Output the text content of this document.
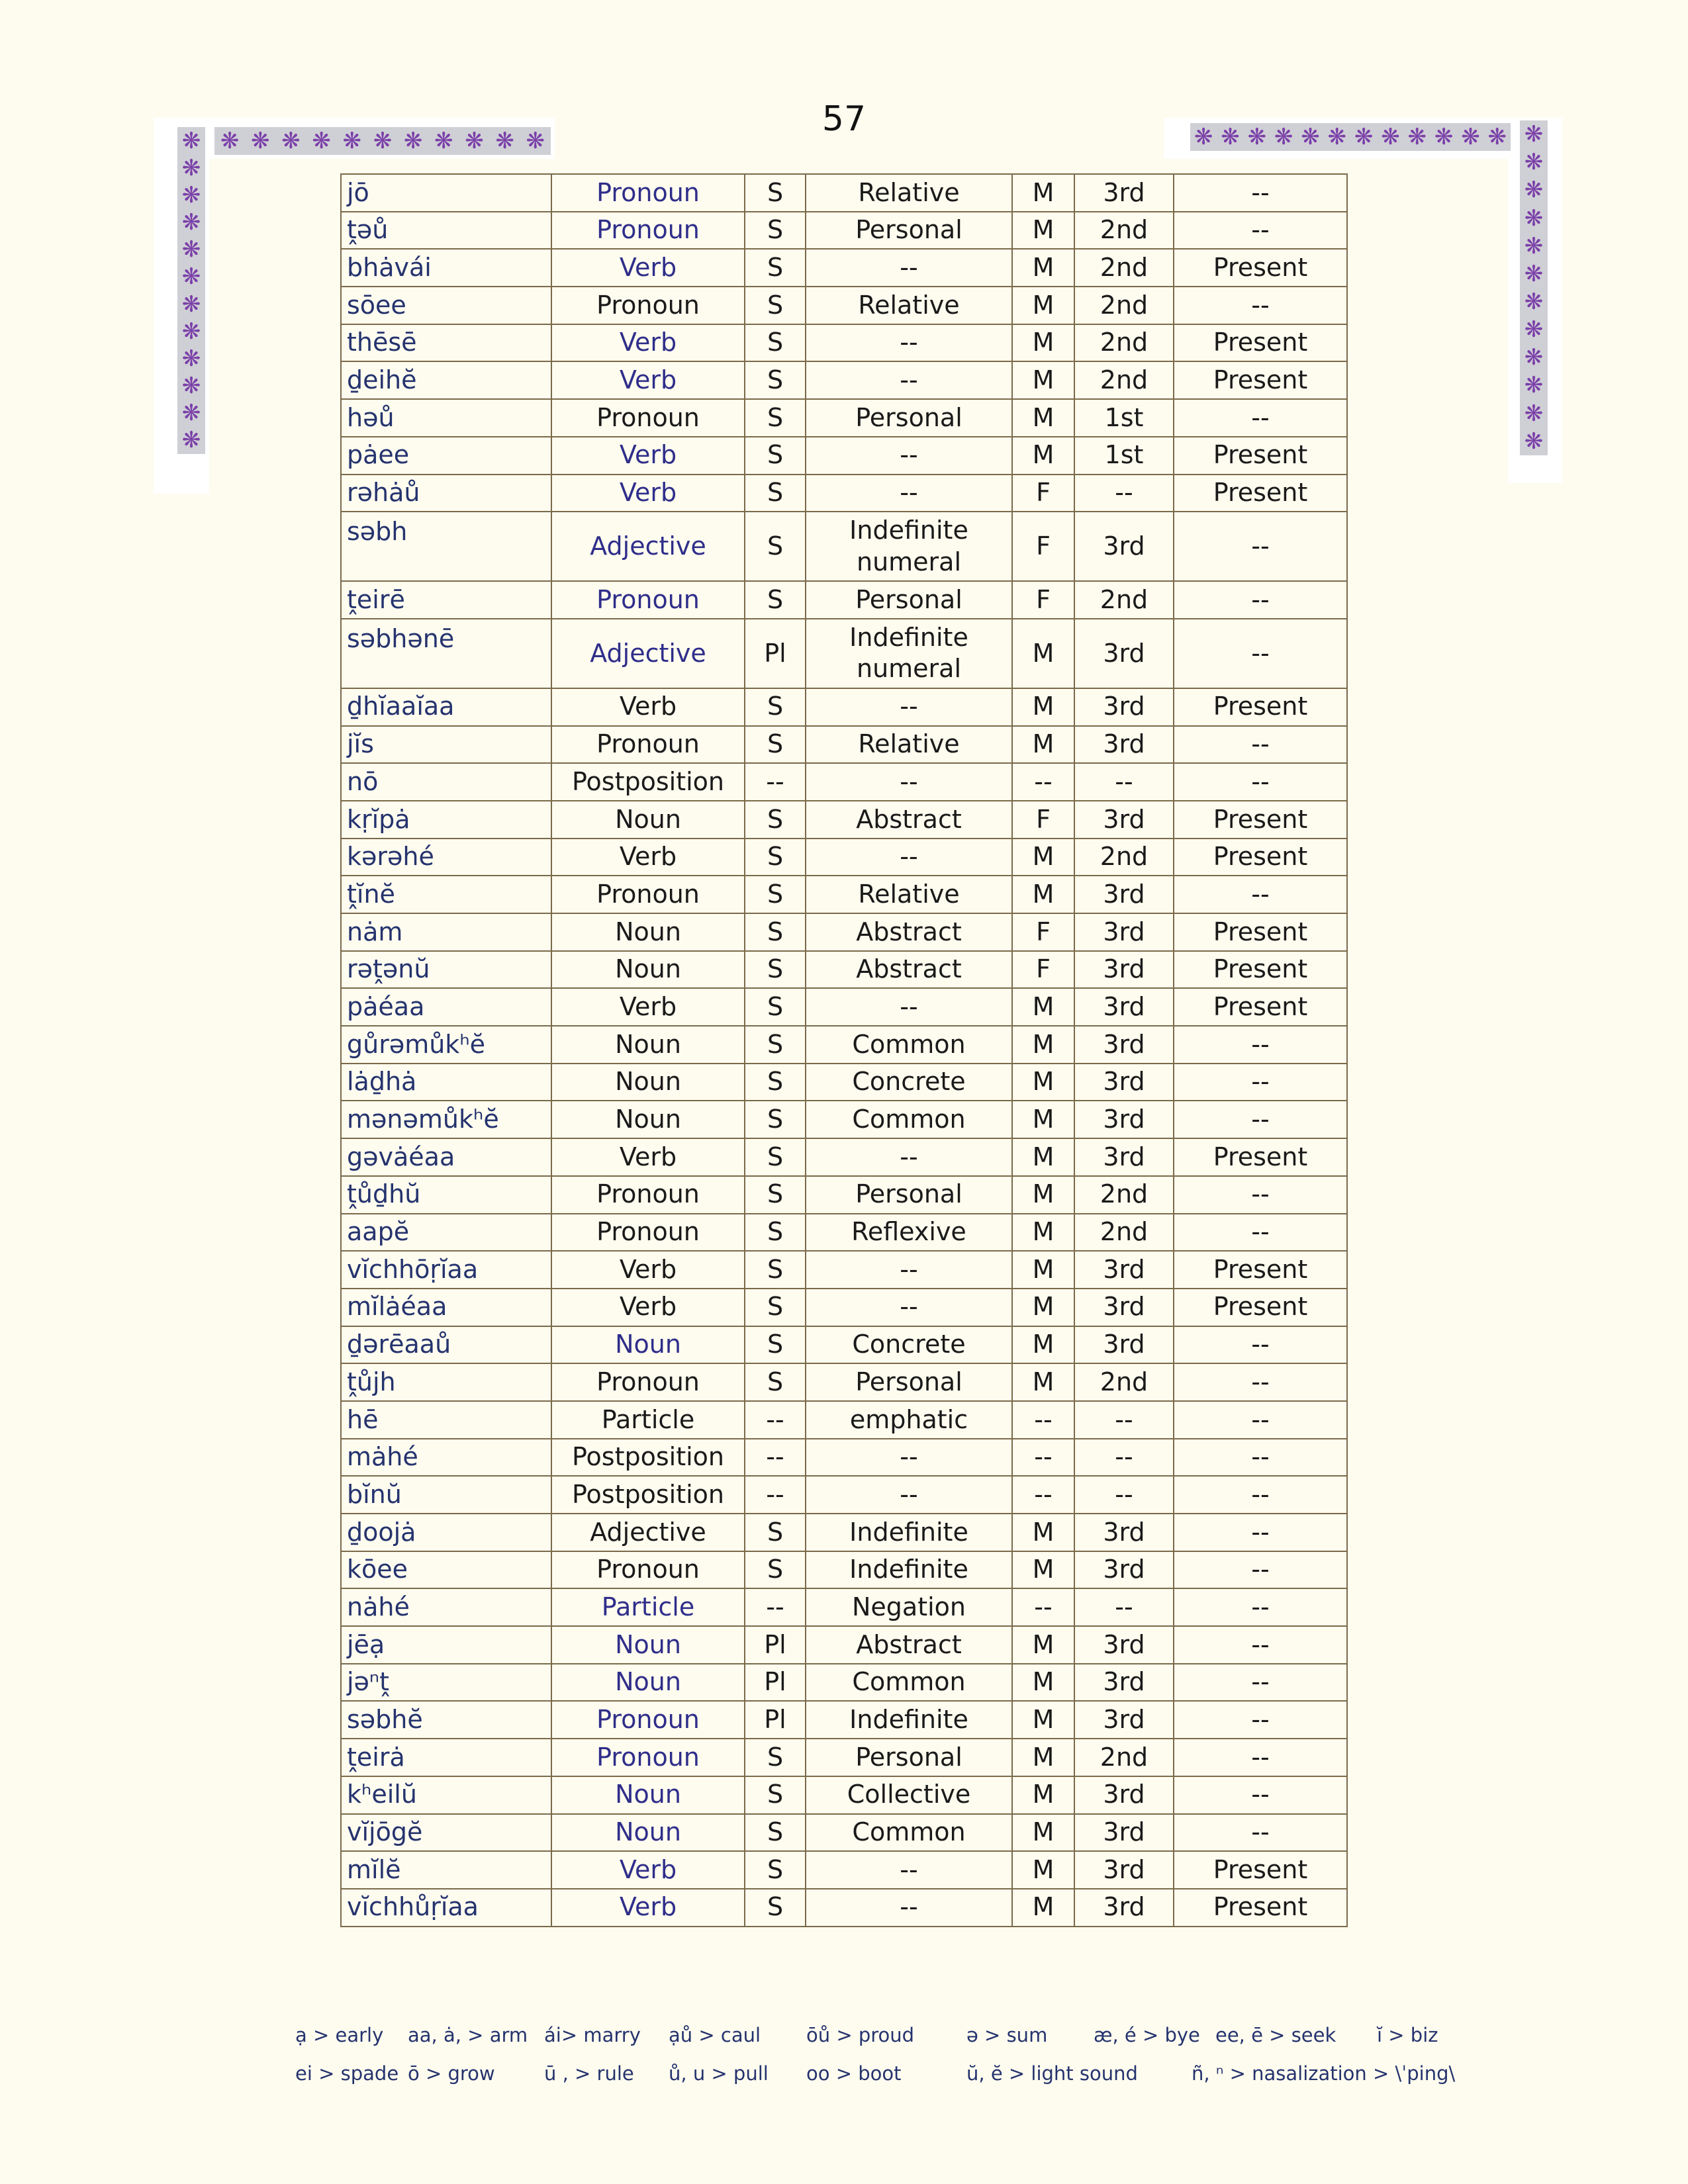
57
❋ ❋ ❋ ❋ ❋ ❋ ❋ ❋ ❋ ❋ ❋
❋
❋
❋
❋
❋
❋
❋
❋
❋
❋
❋
❋
❋ ❋ ❋ ❋ ❋ ❋ ❋ ❋ ❋ ❋ ❋ ❋ ❋
❋
❋
❋
❋
❋
❋
❋
❋
❋
❋
❋
jō	Pronoun	S	Relative	M	3rd	--
ṱəů	Pronoun	S	Personal	M	2nd	--
bhȧvái	Verb	S	--	M	2nd	Present
sōee	Pronoun	S	Relative	M	2nd	--
thēsē	Verb	S	--	M	2nd	Present
ḏeihĕ	Verb	S	--	M	2nd	Present
həů	Pronoun	S	Personal	M	1st	--
pȧee	Verb	S	--	M	1st	Present
rəhȧů	Verb	S	--	F	--	Present
səbh	Adjective	S	Indefinite numeral	F	3rd	--
ṱeirē	Pronoun	S	Personal	F	2nd	--
səbhənē	Adjective	Pl	Indefinite numeral	M	3rd	--
ḏhĭaaĭaa	Verb	S	--	M	3rd	Present
jĭs	Pronoun	S	Relative	M	3rd	--
nō	Postposition	--	--	--	--	--
kṛĭpȧ	Noun	S	Abstract	F	3rd	Present
kərəhé	Verb	S	--	M	2nd	Present
ṱĭnĕ	Pronoun	S	Relative	M	3rd	--
nȧm	Noun	S	Abstract	F	3rd	Present
rəṱənŭ	Noun	S	Abstract	F	3rd	Present
pȧéaa	Verb	S	--	M	3rd	Present
gůrəmůkʰĕ	Noun	S	Common	M	3rd	--
lȧḏhȧ	Noun	S	Concrete	M	3rd	--
mənəmůkʰĕ	Noun	S	Common	M	3rd	--
gəvȧéaa	Verb	S	--	M	3rd	Present
ṱůḏhŭ	Pronoun	S	Personal	M	2nd	--
aapĕ	Pronoun	S	Reflexive	M	2nd	--
vĭchhōṛĭaa	Verb	S	--	M	3rd	Present
mĭlȧéaa	Verb	S	--	M	3rd	Present
ḏərēaaů	Noun	S	Concrete	M	3rd	--
ṱůjh	Pronoun	S	Personal	M	2nd	--
hē	Particle	--	emphatic	--	--	--
mȧhé	Postposition	--	--	--	--	--
bĭnŭ	Postposition	--	--	--	--	--
ḏoojȧ	Adjective	S	Indefinite	M	3rd	--
kōee	Pronoun	S	Indefinite	M	3rd	--
nȧhé	Particle	--	Negation	--	--	--
jēạ	Noun	Pl	Abstract	M	3rd	--
jəⁿṱ	Noun	Pl	Common	M	3rd	--
səbhĕ	Pronoun	Pl	Indefinite	M	3rd	--
ṱeirȧ	Pronoun	S	Personal	M	2nd	--
kʰeilŭ	Noun	S	Collective	M	3rd	--
vĭjōgĕ	Noun	S	Common	M	3rd	--
mĭlĕ	Verb	S	--	M	3rd	Present
vĭchhůṛĭaa	Verb	S	--	M	3rd	Present
ạ > early aa, ȧ, > arm ái> marry ạů > caul ōů > proud	ə > sum æ, é > bye ee, ē > seek ĭ > biz
ei > spade ō > grow	ū , > rule ů, u > pull oo > boot	ŭ, ĕ > light sound	ñ, ⁿ > nasalization > \ˈping\
